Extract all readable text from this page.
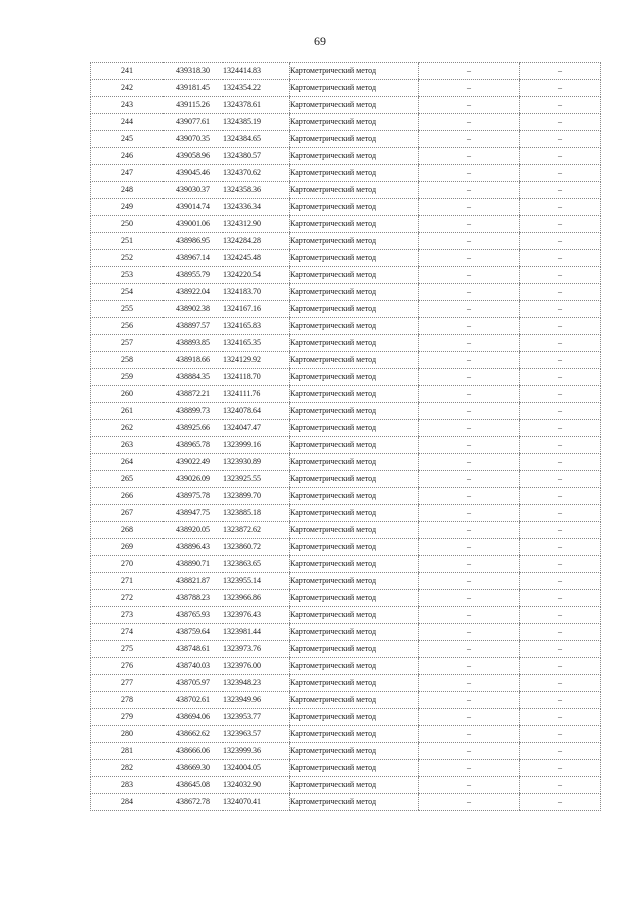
69
241	439318.30	1324414.83	Картометрический метод	–	–
242	439181.45	1324354.22	Картометрический метод	–	–
243	439115.26	1324378.61	Картометрический метод	–	–
244	439077.61	1324385.19	Картометрический метод	–	–
245	439070.35	1324384.65	Картометрический метод	–	–
246	439058.96	1324380.57	Картометрический метод	–	–
247	439045.46	1324370.62	Картометрический метод	–	–
248	439030.37	1324358.36	Картометрический метод	–	–
249	439014.74	1324336.34	Картометрический метод	–	–
250	439001.06	1324312.90	Картометрический метод	–	–
251	438986.95	1324284.28	Картометрический метод	–	–
252	438967.14	1324245.48	Картометрический метод	–	–
253	438955.79	1324220.54	Картометрический метод	–	–
254	438922.04	1324183.70	Картометрический метод	–	–
255	438902.38	1324167.16	Картометрический метод	–	–
256	438897.57	1324165.83	Картометрический метод	–	–
257	438893.85	1324165.35	Картометрический метод	–	–
258	438918.66	1324129.92	Картометрический метод	–	–
259	438884.35	1324118.70	Картометрический метод	–	–
260	438872.21	1324111.76	Картометрический метод	–	–
261	438899.73	1324078.64	Картометрический метод	–	–
262	438925.66	1324047.47	Картометрический метод	–	–
263	438965.78	1323999.16	Картометрический метод	–	–
264	439022.49	1323930.89	Картометрический метод	–	–
265	439026.09	1323925.55	Картометрический метод	–	–
266	438975.78	1323899.70	Картометрический метод	–	–
267	438947.75	1323885.18	Картометрический метод	–	–
268	438920.05	1323872.62	Картометрический метод	–	–
269	438896.43	1323860.72	Картометрический метод	–	–
270	438890.71	1323863.65	Картометрический метод	–	–
271	438821.87	1323955.14	Картометрический метод	–	–
272	438788.23	1323966.86	Картометрический метод	–	–
273	438765.93	1323976.43	Картометрический метод	–	–
274	438759.64	1323981.44	Картометрический метод	–	–
275	438748.61	1323973.76	Картометрический метод	–	–
276	438740.03	1323976.00	Картометрический метод	–	–
277	438705.97	1323948.23	Картометрический метод	–	–
278	438702.61	1323949.96	Картометрический метод	–	–
279	438694.06	1323953.77	Картометрический метод	–	–
280	438662.62	1323963.57	Картометрический метод	–	–
281	438666.06	1323999.36	Картометрический метод	–	–
282	438669.30	1324004.05	Картометрический метод	–	–
283	438645.08	1324032.90	Картометрический метод	–	–
284	438672.78	1324070.41	Картометрический метод	–	–
